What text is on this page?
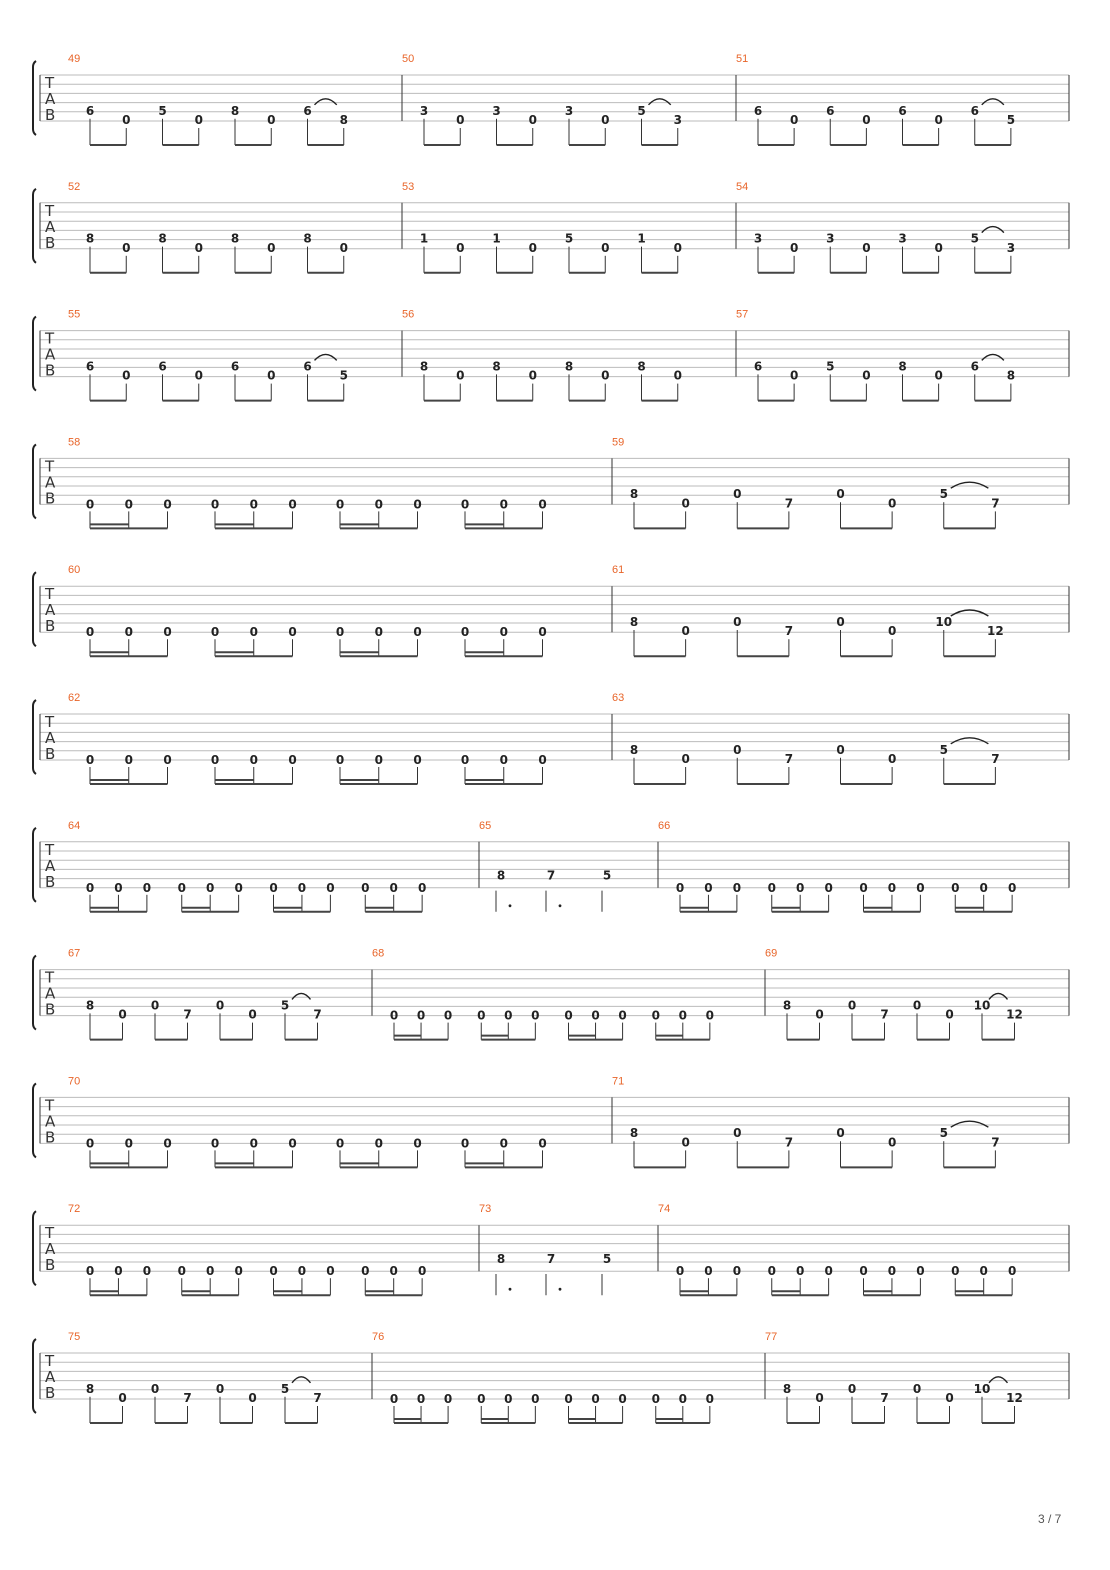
T
A
B
49
6
0
5
0
8
0
6
8
50
3
0
3
0
3
0
5
3
51
6
0
6
0
6
0
6
5
T
A
B
52
8
0
8
0
8
0
8
0
53
1
0
1
0
5
0
1
0
54
3
0
3
0
3
0
5
3
T
A
B
55
6
0
6
0
6
0
6
5
56
8
0
8
0
8
0
8
0
57
6
0
5
0
8
0
6
8
T
A
B
58
0	0	0	0	0	0	0	0	0	0	0	0
59
8
0
0
7
0
0
5
7
T
A
B
60
0	0	0	0	0	0	0	0	0	0	0	0
61
8
0
0
7
0
0
10
12
T
A
B
62
0	0	0	0	0	0	0	0	0	0	0	0
63
8
0
0
7
0
0
5
7
T
A
B
64
0 0 0 0 0 0 0 0 0 0 0 0
65
8	7	5
66
0 0 0 0 0 0 0 0 0 0 0 0
T
A
B
67
8
0
0
7
0
0
5
7
68
0 0 0 0 0 0 0 0 0 0 0 0
69
8
0
0
7
0
0
10
12
T
A
B
70
0	0	0	0	0	0	0	0	0	0	0	0
71
8
0
0
7
0
0
5
7
T
A
B
72
0 0 0 0 0 0 0 0 0 0 0 0
73
8	7	5
74
0 0 0 0 0 0 0 0 0 0 0 0
T
A
B
75
8
0
0
7
0
0
5
7
76
0 0 0 0 0 0 0 0 0 0 0 0
77
8
0
0
7
0
0
10
12
3 / 7
